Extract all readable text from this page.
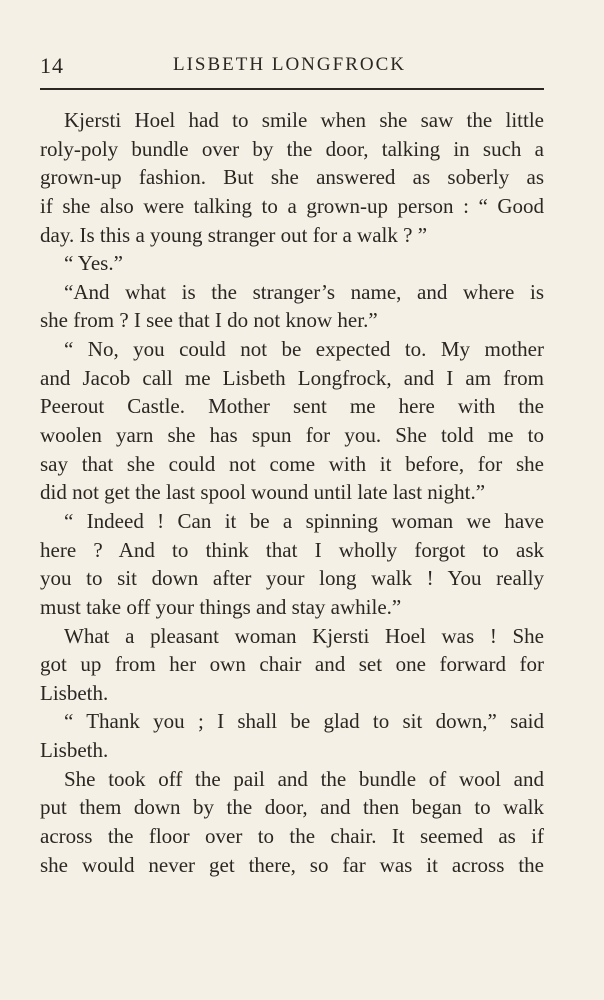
14	LISBETH LONGFROCK
Kjersti Hoel had to smile when she saw the little
roly-poly bundle over by the door, talking in such a
grown-up fashion. But she answered as soberly as
if she also were talking to a grown-up person : “ Good
day. Is this a young stranger out for a walk ? ”
“ Yes.”
“And what is the stranger’s name, and where is
she from ? I see that I do not know her.”
“ No, you could not be expected to. My mother
and Jacob call me Lisbeth Longfrock, and I am from
Peerout Castle. Mother sent me here with the
woolen yarn she has spun for you. She told me to
say that she could not come with it before, for she
did not get the last spool wound until late last night.”
“ Indeed ! Can it be a spinning woman we have
here ? And to think that I wholly forgot to ask
you to sit down after your long walk ! You really
must take off your things and stay awhile.”
What a pleasant woman Kjersti Hoel was ! She
got up from her own chair and set one forward for
Lisbeth.
“ Thank you ; I shall be glad to sit down,” said
Lisbeth.
She took off the pail and the bundle of wool and
put them down by the door, and then began to walk
across the floor over to the chair. It seemed as if
she would never get there, so far was it across the
